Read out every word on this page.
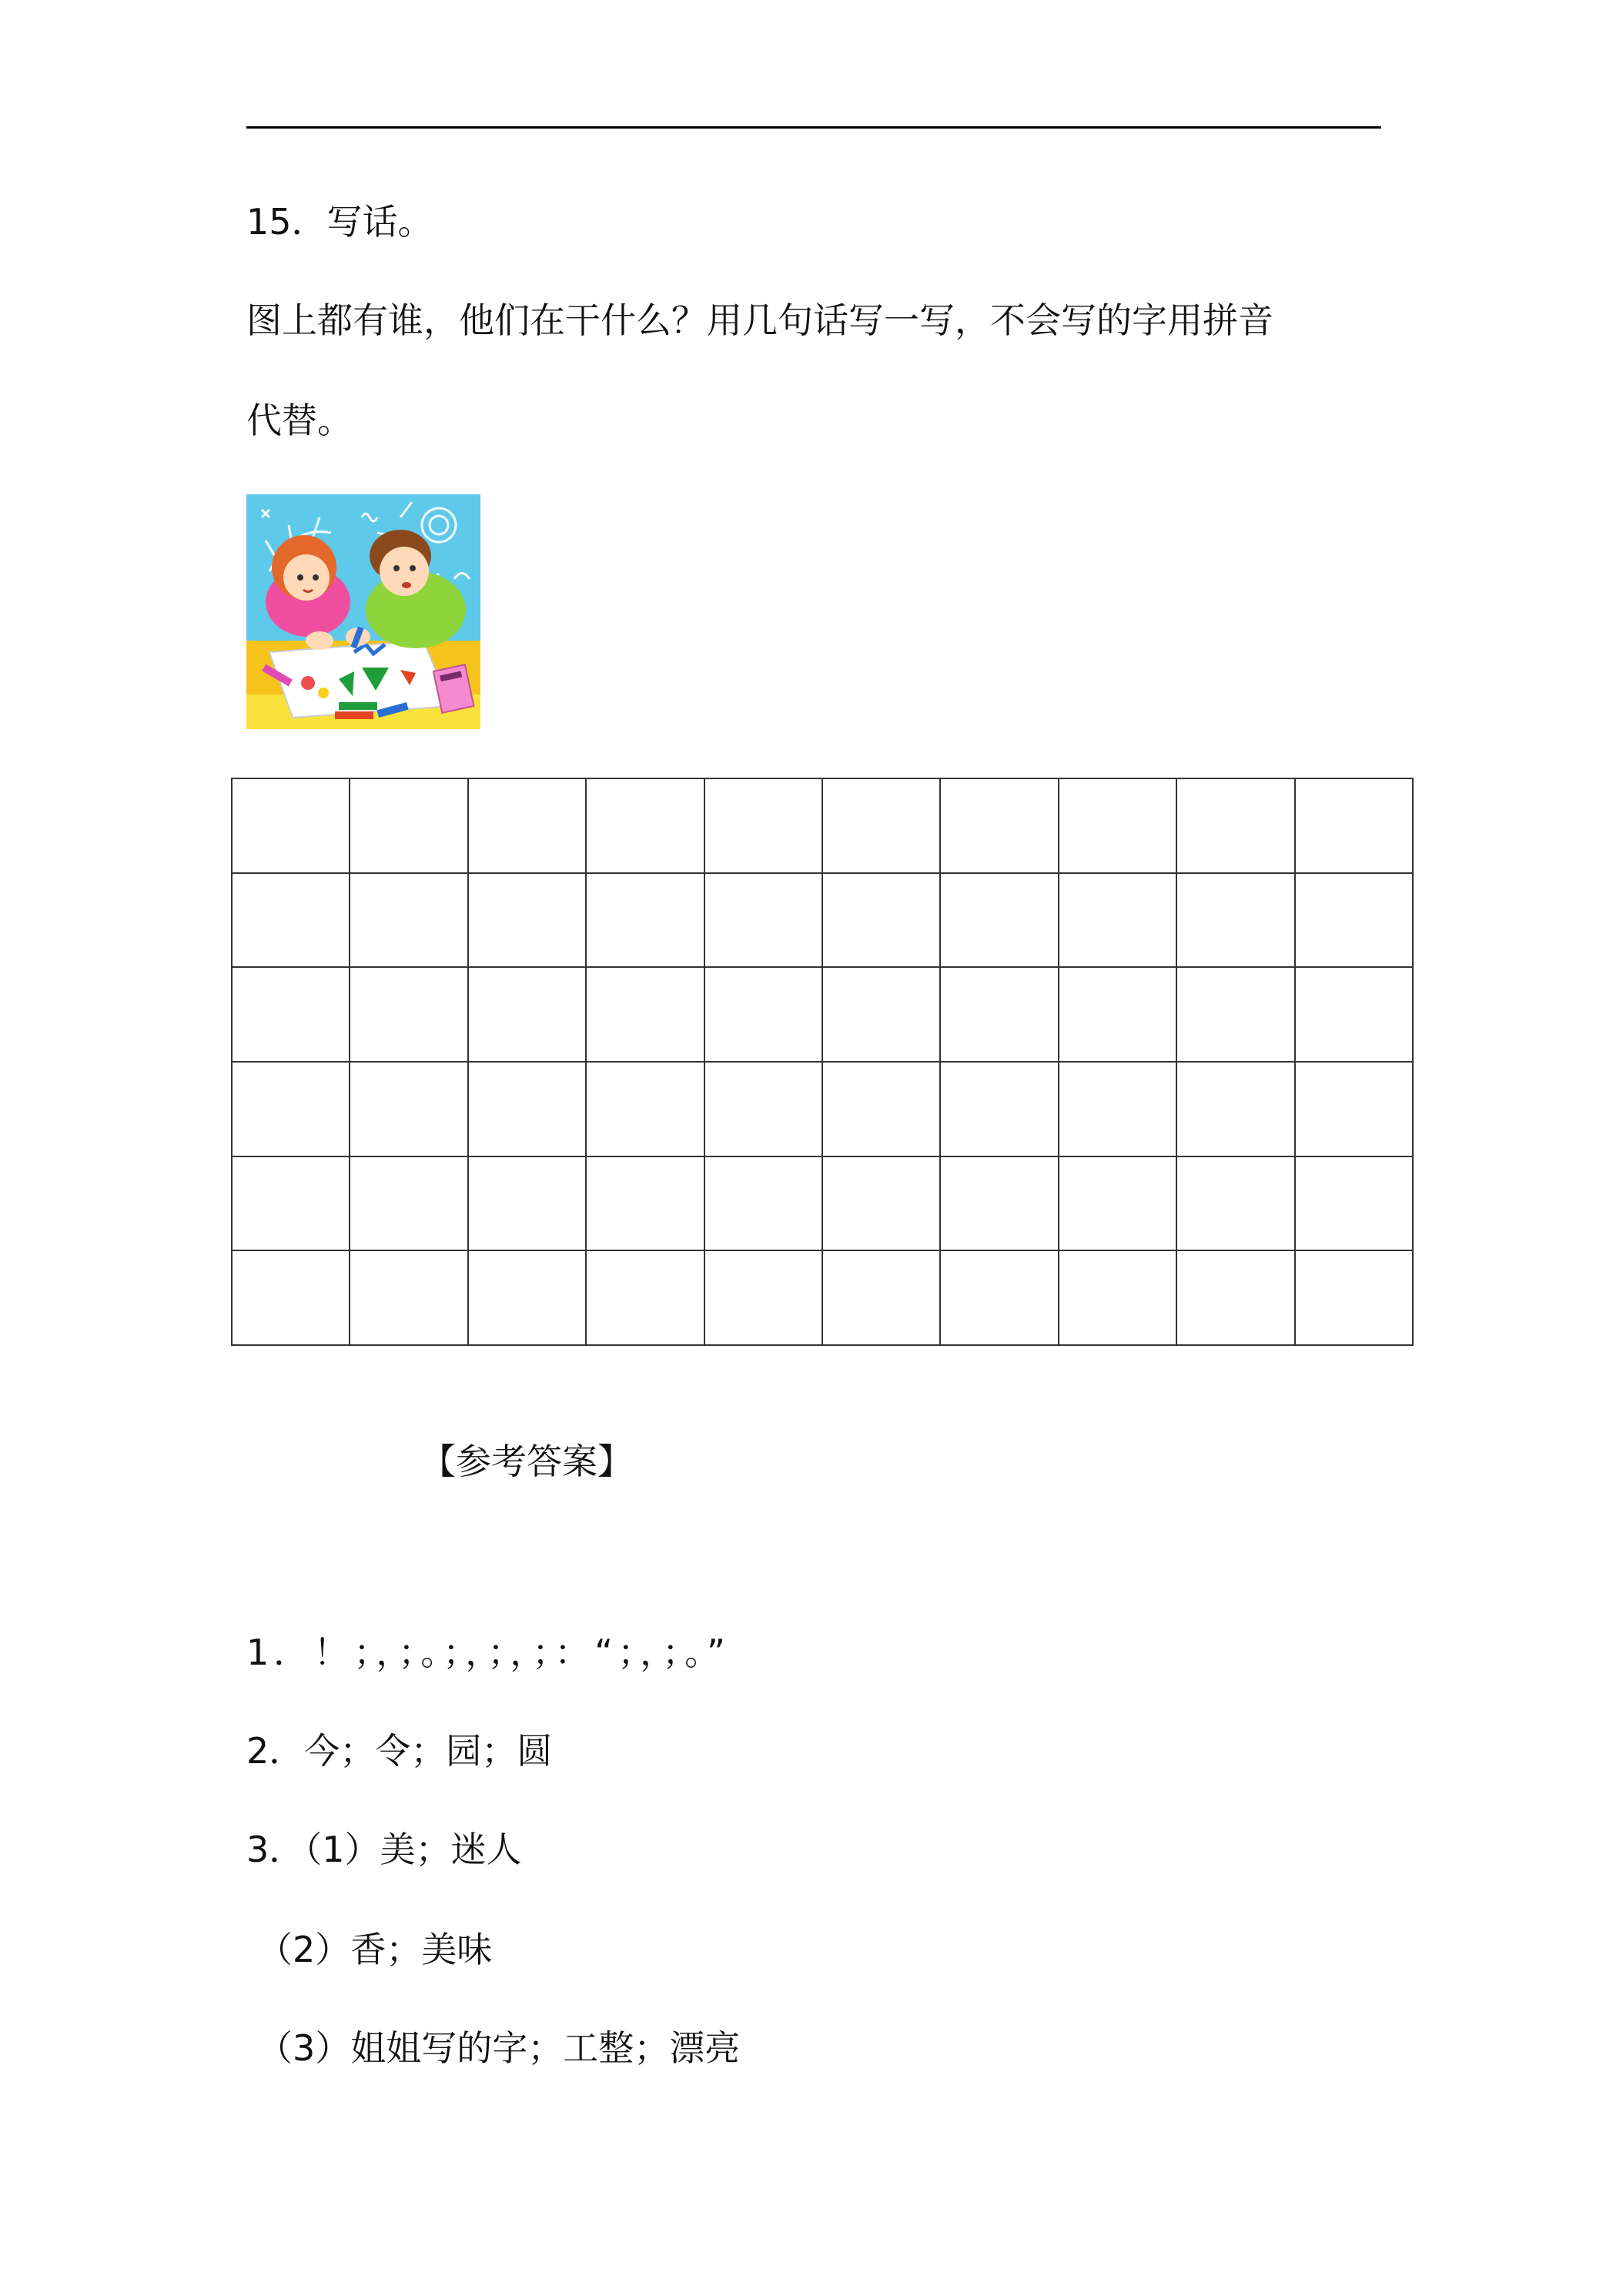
15．写话。
图上都有谁，他们在干什么？用几句话写一写，不会写的字用拼音
代替。

【参考答案】
1．！；，；。；，；，；：“；，；。”
2．今；令；园；圆
3．（1）美；迷人
（2）香；美味
（3）姐姐写的字；工整；漂亮
